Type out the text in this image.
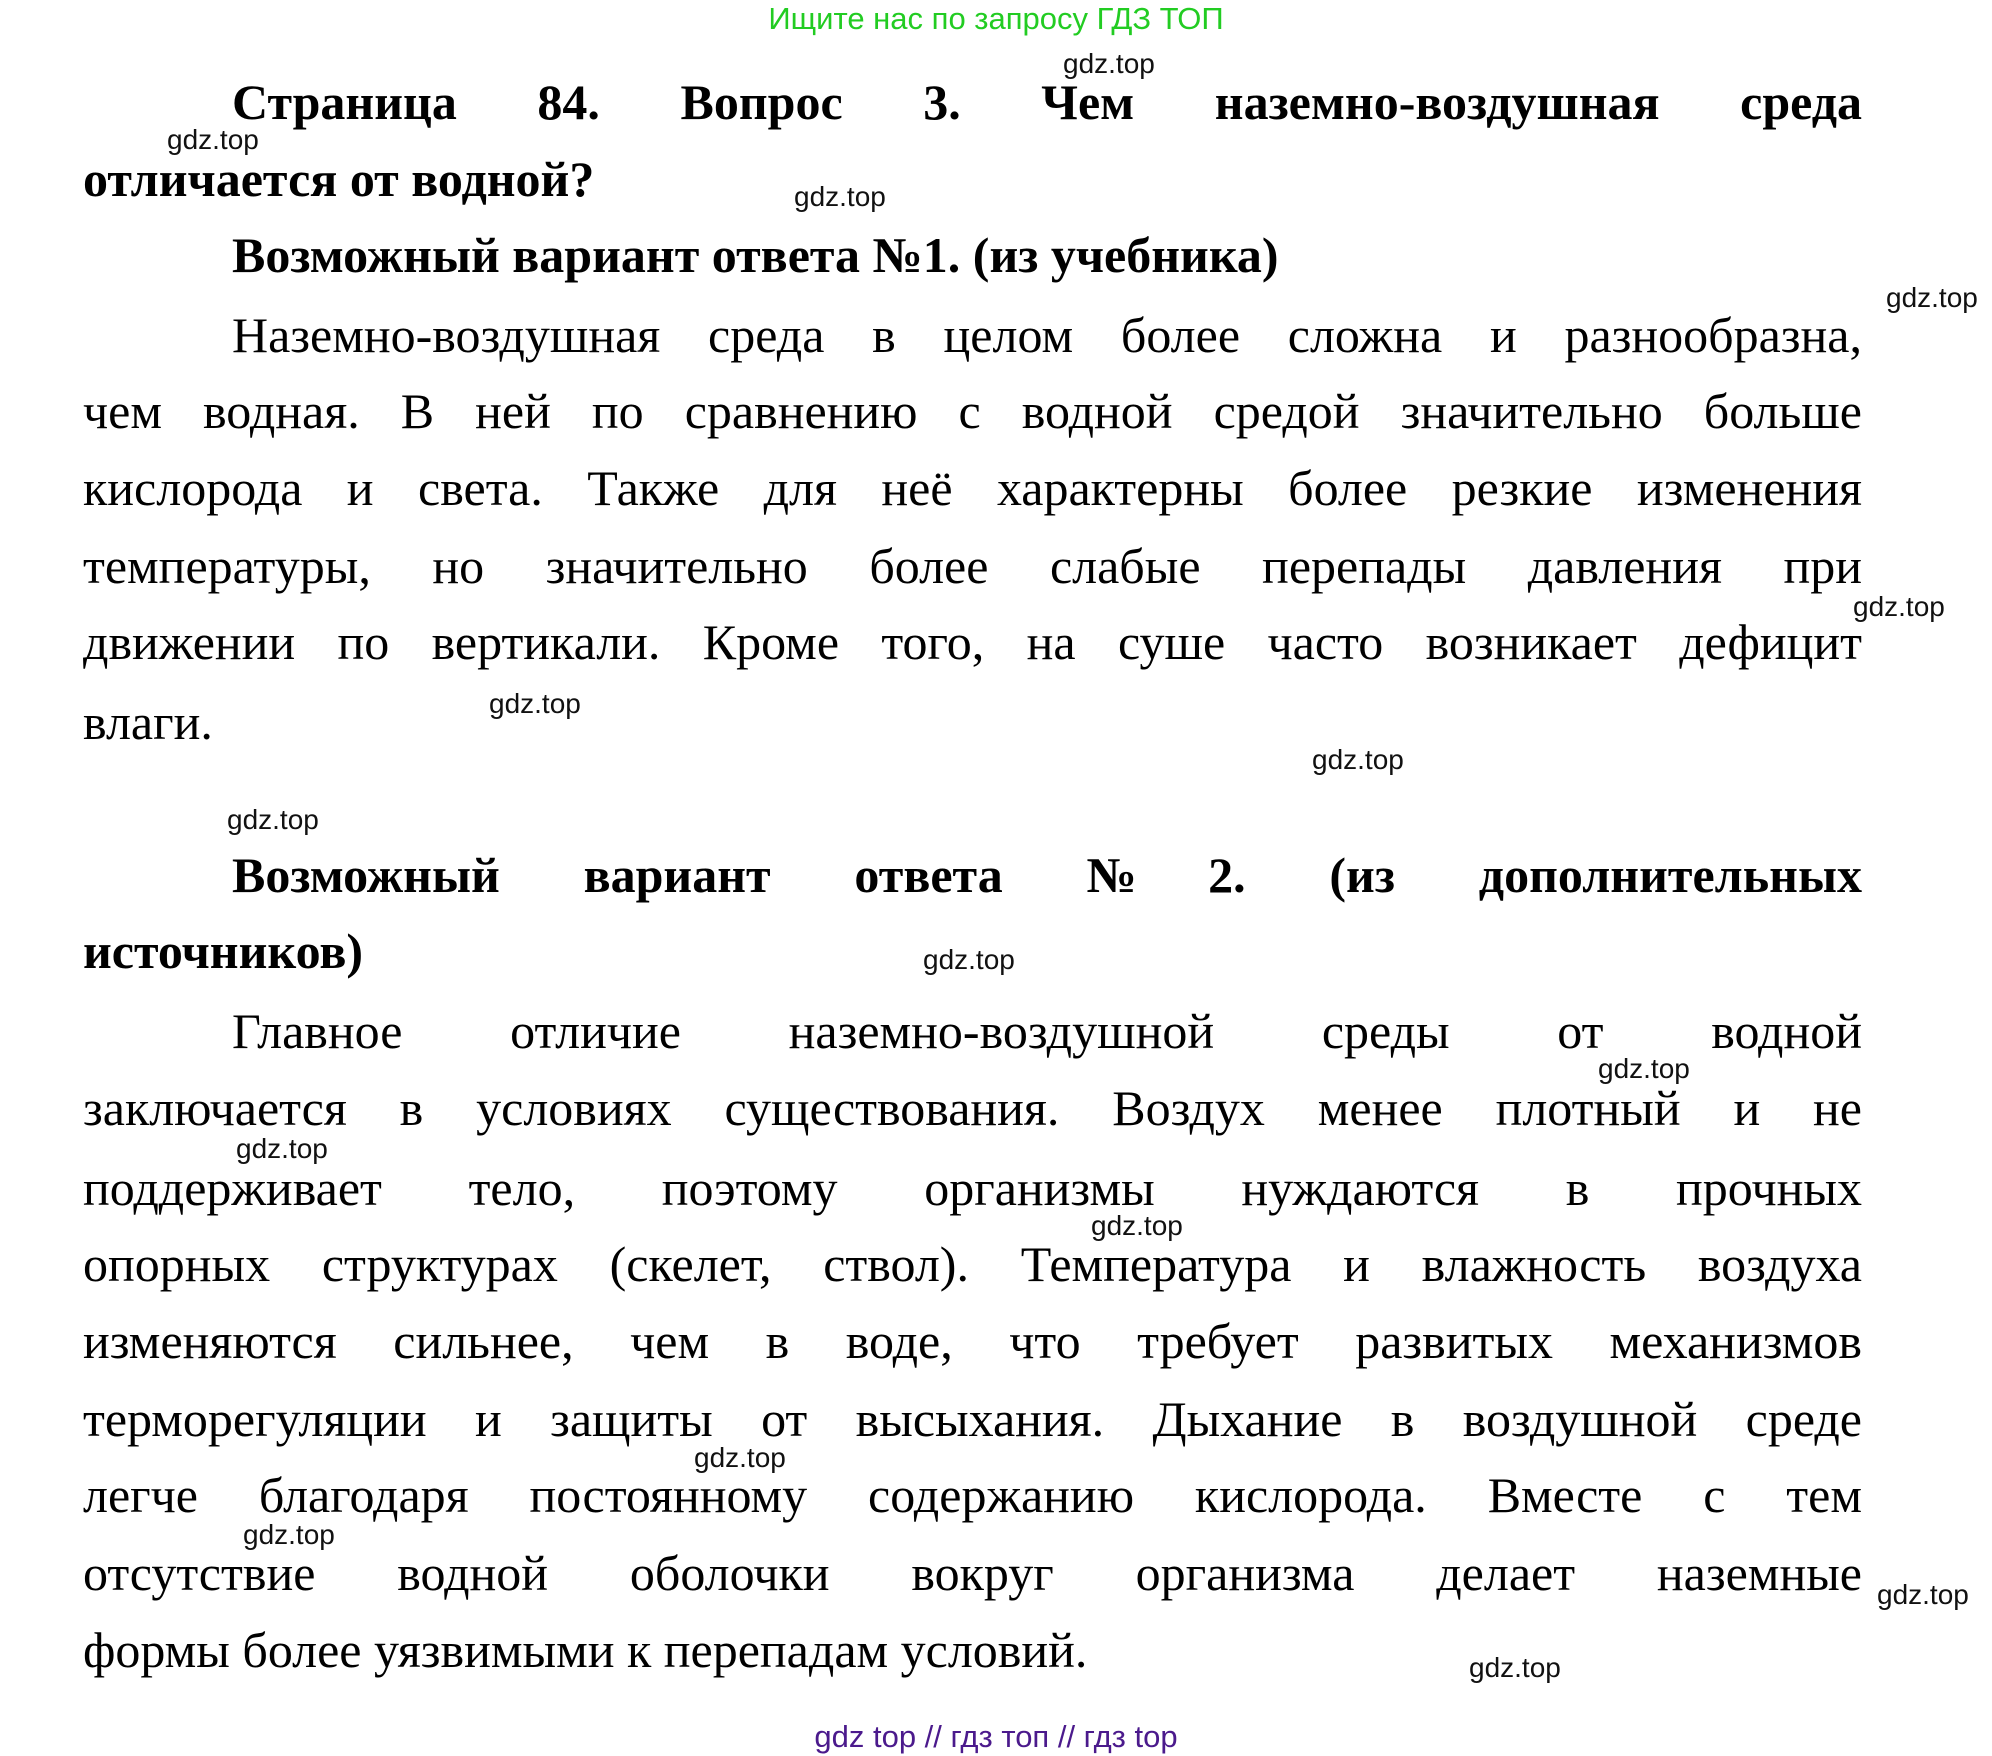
Ищите нас по запросу ГДЗ ТОП
Страница 84. Вопрос 3. Чем наземно-воздушная среда
отличается от водной?
Возможный вариант ответа №1. (из учебника)
Наземно-воздушная среда в целом более сложна и разнообразна,
чем водная. В ней по сравнению с водной средой значительно больше
кислорода и света. Также для неё характерны более резкие изменения
температуры, но значительно более слабые перепады давления при
движении по вертикали. Кроме того, на суше часто возникает дефицит
влаги.
Возможный вариант ответа №2. (из дополнительных
источников)
Главное отличие наземно-воздушной среды от водной
заключается в условиях существования. Воздух менее плотный и не
поддерживает тело, поэтому организмы нуждаются в прочных
опорных структурах (скелет, ствол). Температура и влажность воздуха
изменяются сильнее, чем в воде, что требует развитых механизмов
терморегуляции и защиты от высыхания. Дыхание в воздушной среде
легче благодаря постоянному содержанию кислорода. Вместе с тем
отсутствие водной оболочки вокруг организма делает наземные
формы более уязвимыми к перепадам условий.
gdz.top
gdz.top
gdz.top
gdz.top
gdz.top
gdz.top
gdz.top
gdz.top
gdz.top
gdz.top
gdz.top
gdz.top
gdz.top
gdz.top
gdz.top
gdz.top
gdz top // гдз топ // гдз top
